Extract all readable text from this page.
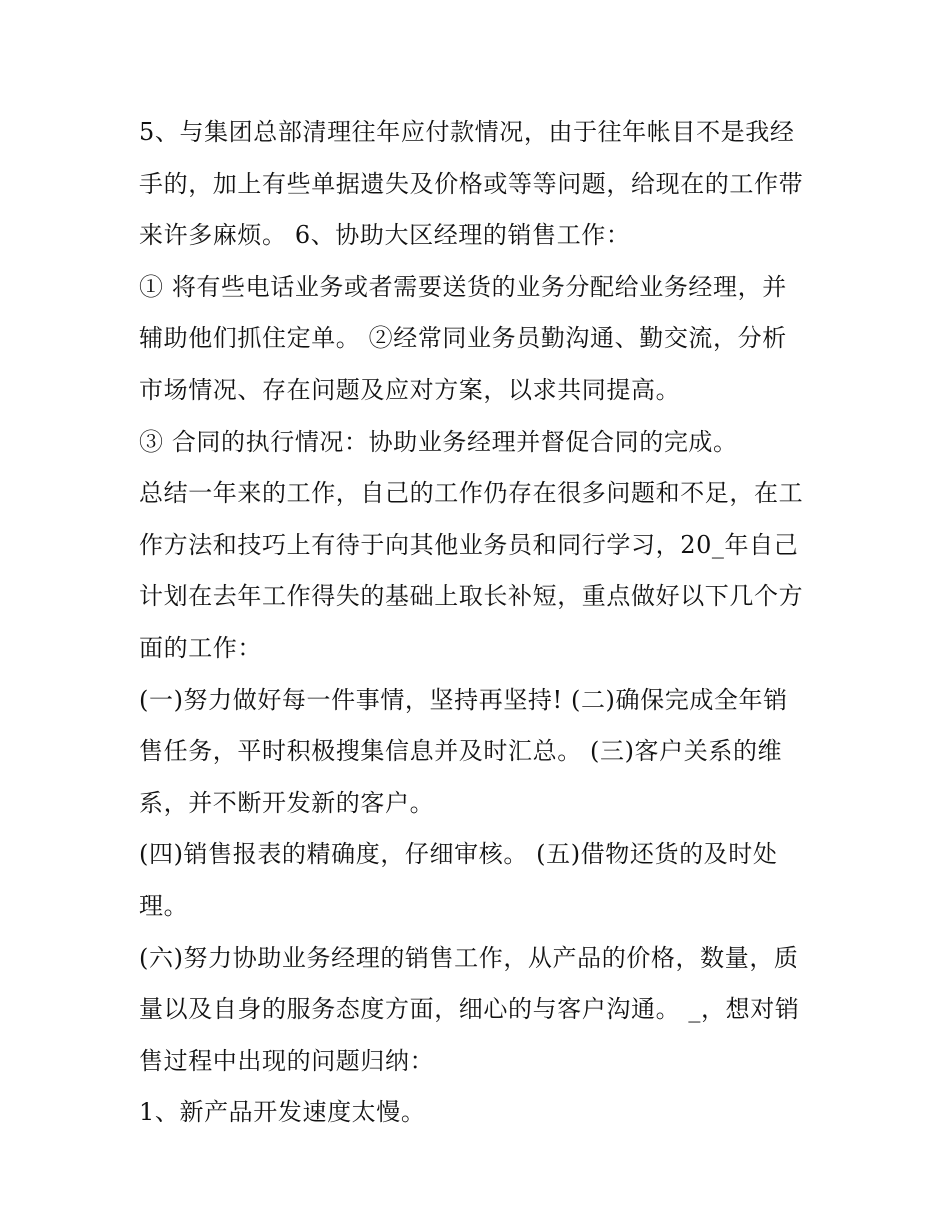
5、与集团总部清理往年应付款情况，由于往年帐目不是我经
手的，加上有些单据遗失及价格或等等问题，给现在的工作带
来许多麻烦。 6、协助大区经理的销售工作：
① 将有些电话业务或者需要送货的业务分配给业务经理，并
辅助他们抓住定单。 ②经常同业务员勤沟通、勤交流，分析
市场情况、存在问题及应对方案，以求共同提高。
③ 合同的执行情况：协助业务经理并督促合同的完成。
总结一年来的工作，自己的工作仍存在很多问题和不足，在工
作方法和技巧上有待于向其他业务员和同行学习，20_年自己
计划在去年工作得失的基础上取长补短，重点做好以下几个方
面的工作：
(一)努力做好每一件事情，坚持再坚持! (二)确保完成全年销
售任务，平时积极搜集信息并及时汇总。 (三)客户关系的维
系，并不断开发新的客户。
(四)销售报表的精确度，仔细审核。 (五)借物还货的及时处
理。
(六)努力协助业务经理的销售工作，从产品的价格，数量，质
量以及自身的服务态度方面，细心的与客户沟通。 _，想对销
售过程中出现的问题归纳：
1、新产品开发速度太慢。
